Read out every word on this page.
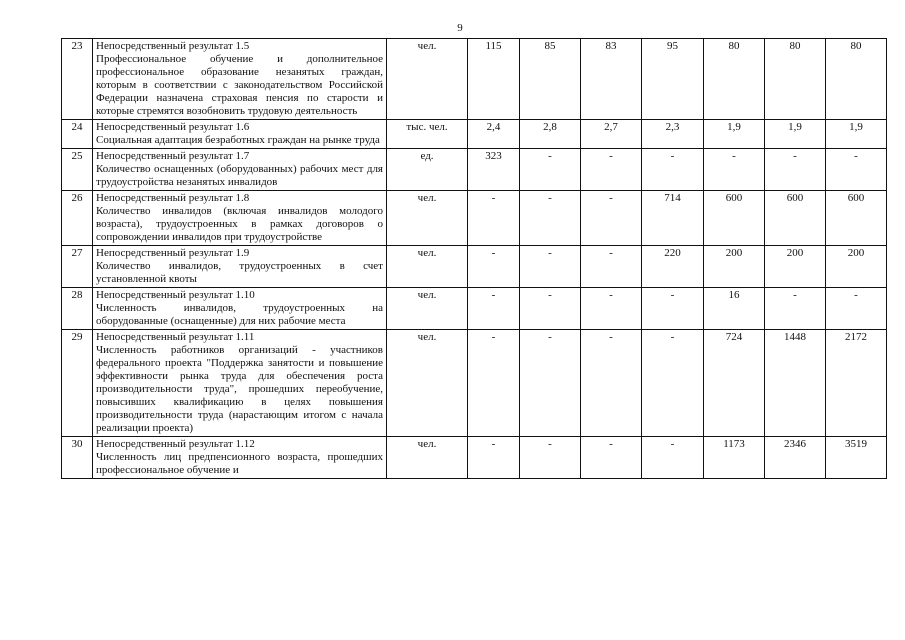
9
23	Непосредственный результат 1.5
Профессиональное обучение и дополнительное профессиональное образование незанятых граждан, которым в соответствии с законодательством Российской Федерации назначена страховая пенсия по старости и которые стремятся возобновить трудовую деятельность	чел.	115	85	83	95	80	80	80
24	Непосредственный результат 1.6
Социальная адаптация безработных граждан на рынке труда	тыс. чел.	2,4	2,8	2,7	2,3	1,9	1,9	1,9
25	Непосредственный результат 1.7
Количество оснащенных (оборудованных) рабочих мест для трудоустройства незанятых инвалидов	ед.	323	-	-	-	-	-	-
26	Непосредственный результат 1.8
Количество инвалидов (включая инвалидов молодого возраста), трудоустроенных в рамках договоров о сопровождении инвалидов при трудоустройстве	чел.	-	-	-	714	600	600	600
27	Непосредственный результат 1.9
Количество инвалидов, трудоустроенных в счет установленной квоты	чел.	-	-	-	220	200	200	200
28	Непосредственный результат 1.10
Численность инвалидов, трудоустроенных на оборудованные (оснащенные) для них рабочие места	чел.	-	-	-	-	16	-	-
29	Непосредственный результат 1.11
Численность работников организаций - участников федерального проекта "Поддержка занятости и повышение эффективности рынка труда для обеспечения роста производительности труда", прошедших переобучение, повысивших квалификацию в целях повышения производительности труда (нарастающим итогом с начала реализации проекта)	чел.	-	-	-	-	724	1448	2172
30	Непосредственный результат 1.12
Численность лиц предпенсионного возраста, прошедших профессиональное обучение и	чел.	-	-	-	-	1173	2346	3519
